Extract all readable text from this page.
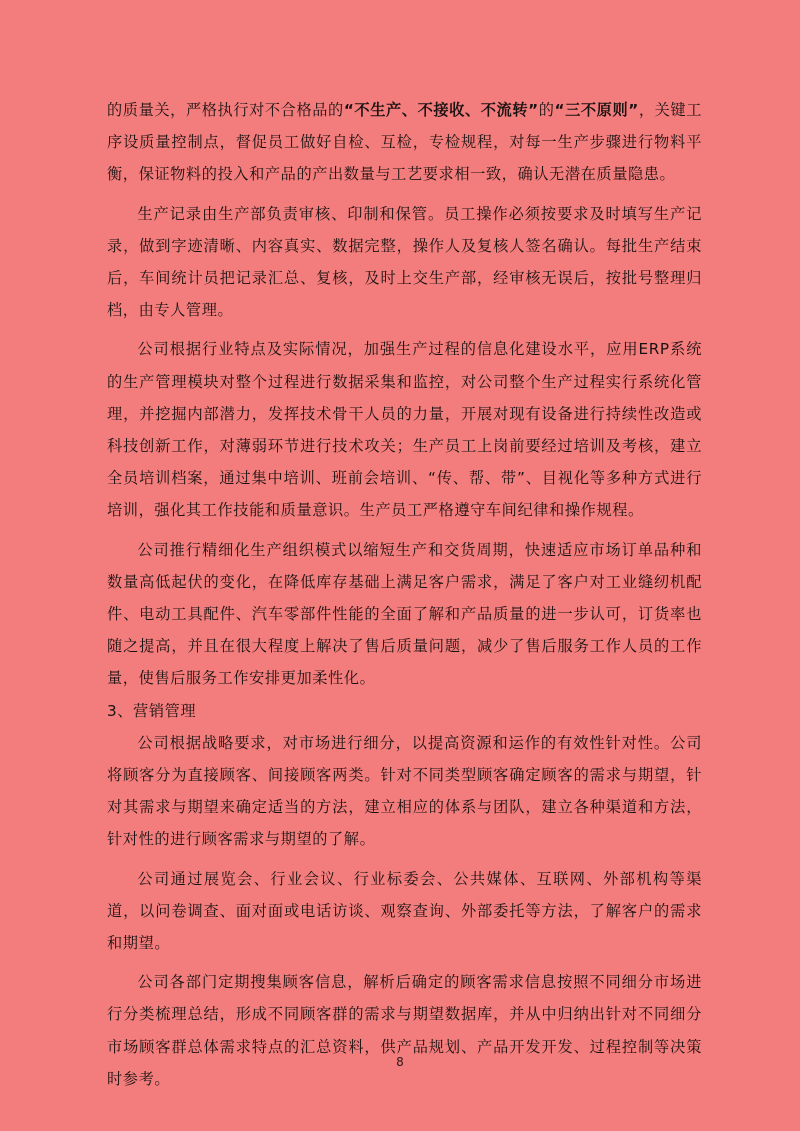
的质量关，严格执行对不合格品的“不生产、不接收、不流转”的“三不原则”，关键工序设质量控制点，督促员工做好自检、互检，专检规程，对每一生产步骤进行物料平衡，保证物料的投入和产品的产出数量与工艺要求相一致，确认无潜在质量隐患。

生产记录由生产部负责审核、印制和保管。员工操作必须按要求及时填写生产记录，做到字迹清晰、内容真实、数据完整，操作人及复核人签名确认。每批生产结束后，车间统计员把记录汇总、复核，及时上交生产部，经审核无误后，按批号整理归档，由专人管理。

公司根据行业特点及实际情况，加强生产过程的信息化建设水平，应用ERP系统的生产管理模块对整个过程进行数据采集和监控，对公司整个生产过程实行系统化管理，并挖掘内部潜力，发挥技术骨干人员的力量，开展对现有设备进行持续性改造或科技创新工作，对薄弱环节进行技术攻关；生产员工上岗前要经过培训及考核，建立全员培训档案，通过集中培训、班前会培训、“传、帮、带”、目视化等多种方式进行培训，强化其工作技能和质量意识。生产员工严格遵守车间纪律和操作规程。

公司推行精细化生产组织模式以缩短生产和交货周期，快速适应市场订单品种和数量高低起伏的变化，在降低库存基础上满足客户需求，满足了客户对工业缝纫机配件、电动工具配件、汽车零部件性能的全面了解和产品质量的进一步认可，订货率也随之提高，并且在很大程度上解决了售后质量问题，减少了售后服务工作人员的工作量，使售后服务工作安排更加柔性化。

3、营销管理

公司根据战略要求，对市场进行细分，以提高资源和运作的有效性针对性。公司将顾客分为直接顾客、间接顾客两类。针对不同类型顾客确定顾客的需求与期望，针对其需求与期望来确定适当的方法，建立相应的体系与团队，建立各种渠道和方法，针对性的进行顾客需求与期望的了解。

公司通过展览会、行业会议、行业标委会、公共媒体、互联网、外部机构等渠道，以问卷调查、面对面或电话访谈、观察查询、外部委托等方法，了解客户的需求和期望。

公司各部门定期搜集顾客信息，解析后确定的顾客需求信息按照不同细分市场进行分类梳理总结，形成不同顾客群的需求与期望数据库，并从中归纳出针对不同细分市场顾客群总体需求特点的汇总资料，供产品规划、产品开发开发、过程控制等决策时参考。

8
